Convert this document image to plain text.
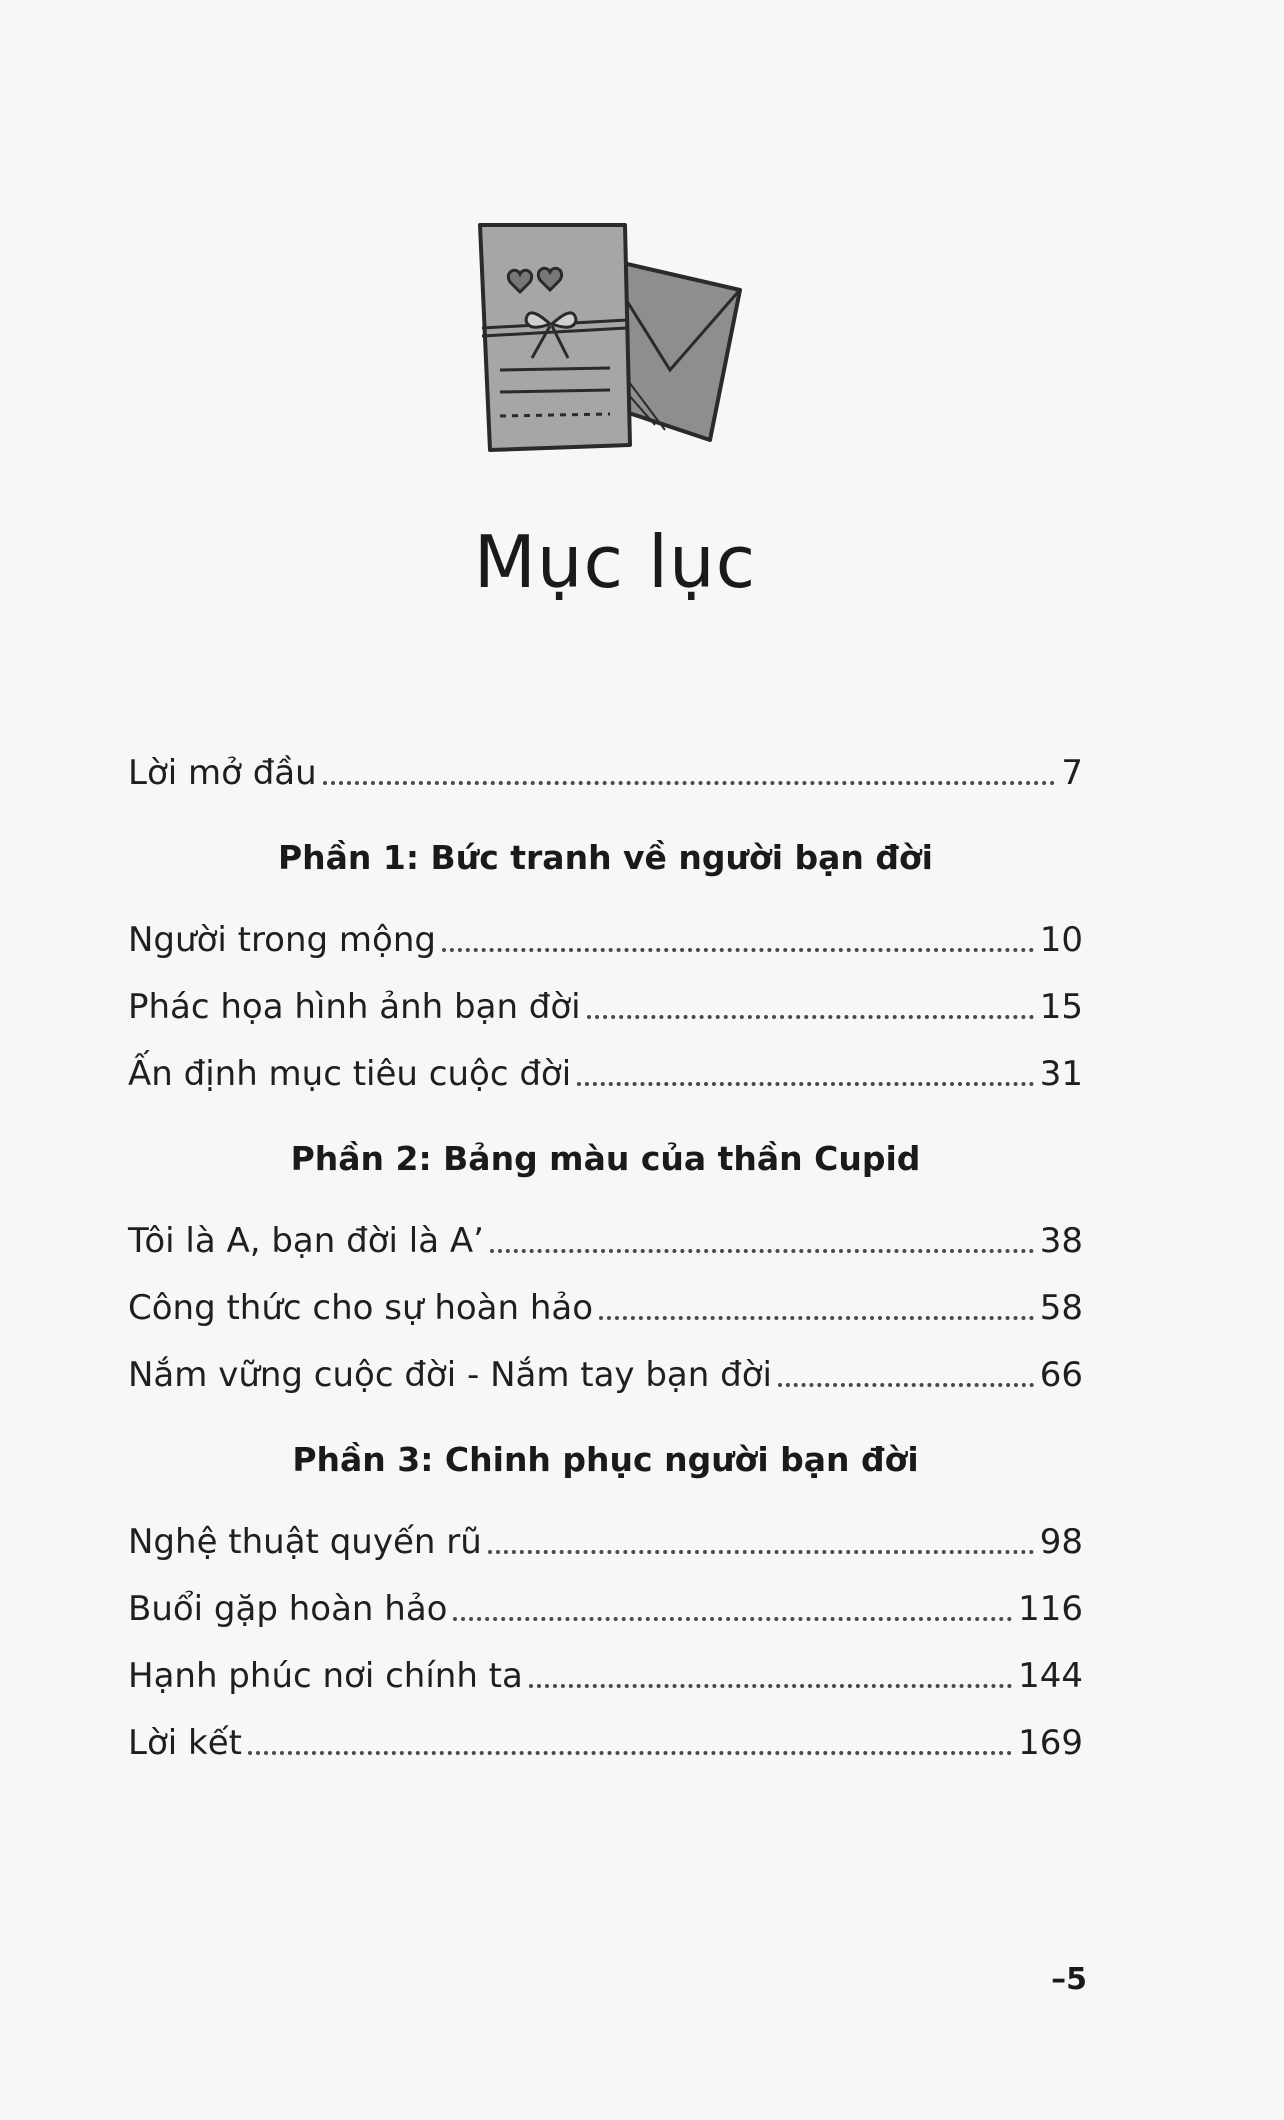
Mục lục
Lời mở đầu	7
Phần 1: Bức tranh về người bạn đời
Người trong mộng	10
Phác họa hình ảnh bạn đời	15
Ấn định mục tiêu cuộc đời	31
Phần 2: Bảng màu của thần Cupid
Tôi là A, bạn đời là A’	38
Công thức cho sự hoàn hảo	58
Nắm vững cuộc đời - Nắm tay bạn đời	66
Phần 3: Chinh phục người bạn đời
Nghệ thuật quyến rũ	98
Buổi gặp hoàn hảo	116
Hạnh phúc nơi chính ta	144
Lời kết	169
–5
